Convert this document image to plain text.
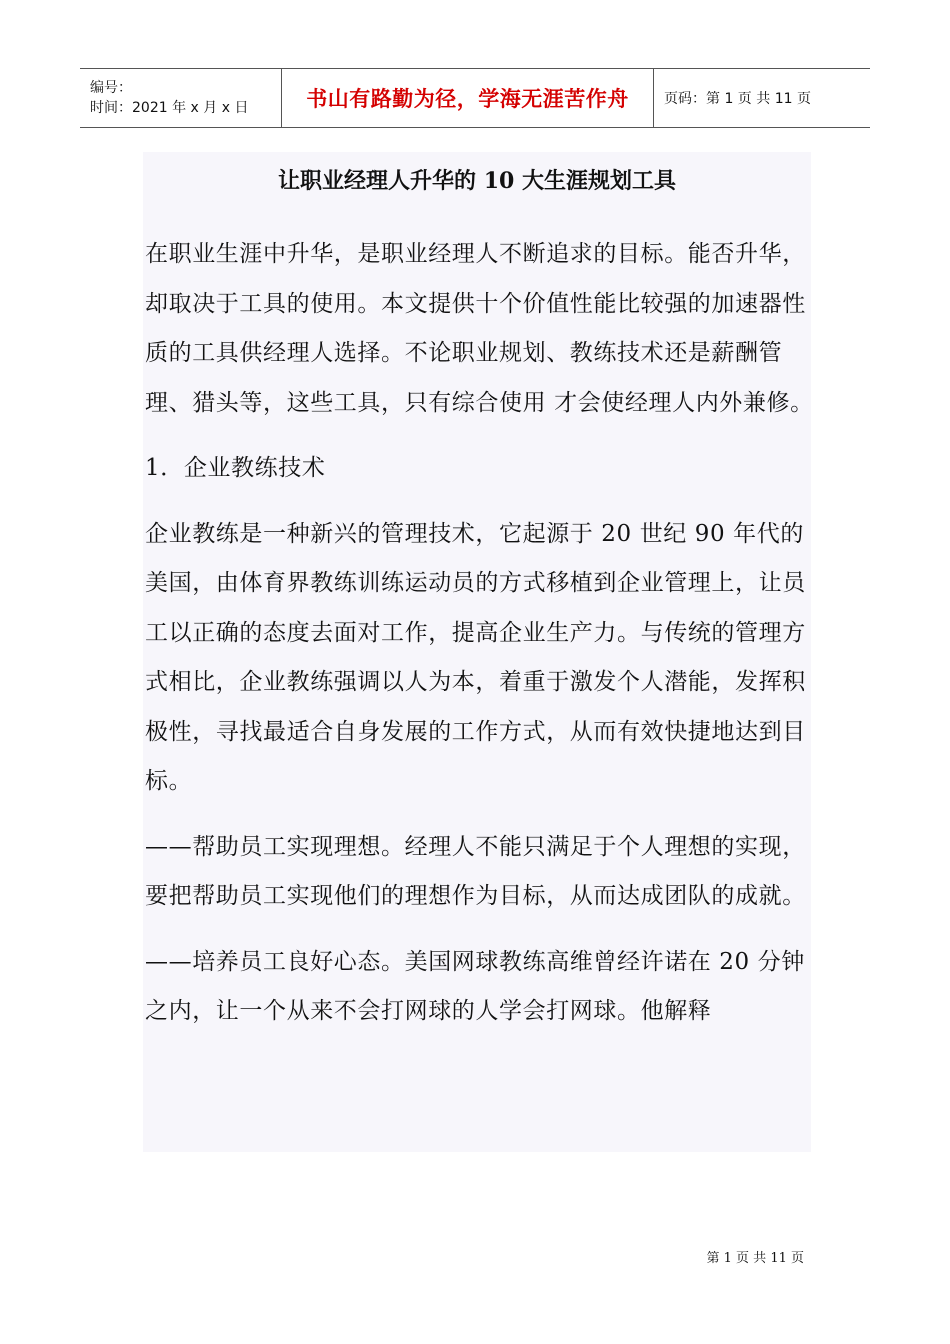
编号：
时间：2021 年 x 月 x 日	书山有路勤为径，学海无涯苦作舟	页码：第 1 页 共 11 页
让职业经理人升华的 10 大生涯规划工具

在职业生涯中升华，是职业经理人不断追求的目标。能否升华，却取决于工具的使用。本文提供十个价值性能比较强的加速器性质的工具供经理人选择。不论职业规划、教练技术还是薪酬管理、猎头等，这些工具，只有综合使用 才会使经理人内外兼修。

1．企业教练技术

企业教练是一种新兴的管理技术，它起源于 20 世纪 90 年代的美国，由体育界教练训练运动员的方式移植到企业管理上，让员工以正确的态度去面对工作，提高企业生产力。与传统的管理方式相比，企业教练强调以人为本，着重于激发个人潜能，发挥积极性，寻找最适合自身发展的工作方式，从而有效快捷地达到目标。

——帮助员工实现理想。经理人不能只满足于个人理想的实现，要把帮助员工实现他们的理想作为目标，从而达成团队的成就。

——培养员工良好心态。美国网球教练高维曾经许诺在 20 分钟之内，让一个从来不会打网球的人学会打网球。他解释

第 1 页 共 11 页
